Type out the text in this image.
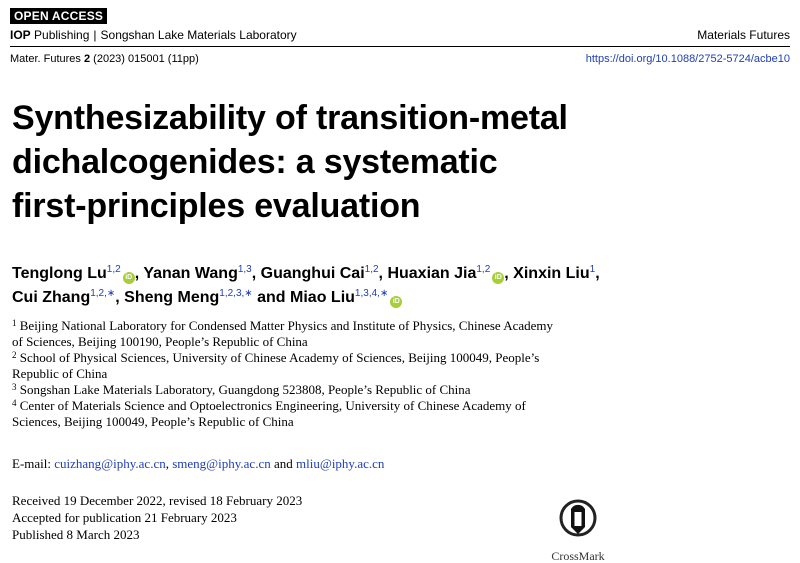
OPEN ACCESS
IOP Publishing | Songshan Lake Materials Laboratory	Materials Futures
Mater. Futures 2 (2023) 015001 (11pp)	https://doi.org/10.1088/2752-5724/acbe10
Synthesizability of transition-metal
dichalcogenides: a systematic
first-principles evaluation
Tenglong Lu$^{1,2}$iD , Yanan Wang$^{1,3}$, Guanghui Cai$^{1,2}$, Huaxian Jia$^{1,2}$iD , Xinxin Liu$^1$,
Cui Zhang$^{1,2,∗}$, Sheng Meng$^{1,2,3,∗}$ and Miao Liu$^{1,3,4,∗}$iD

$^1$ Beijing National Laboratory for Condensed Matter Physics and Institute of Physics, Chinese Academy
of Sciences, Beijing 100190, People’s Republic of China

$^2$ School of Physical Sciences, University of Chinese Academy of Sciences, Beijing 100049, People’s
Republic of China

$^3$ Songshan Lake Materials Laboratory, Guangdong 523808, People’s Republic of China

$^4$ Center of Materials Science and Optoelectronics Engineering, University of Chinese Academy of
Sciences, Beijing 100049, People’s Republic of China

E-mail: cuizhang@iphy.ac.cn, smeng@iphy.ac.cn and mliu@iphy.ac.cn
Received 19 December 2022, revised 18 February 2023
Accepted for publication 21 February 2023
Published 8 March 2023
CrossMark
